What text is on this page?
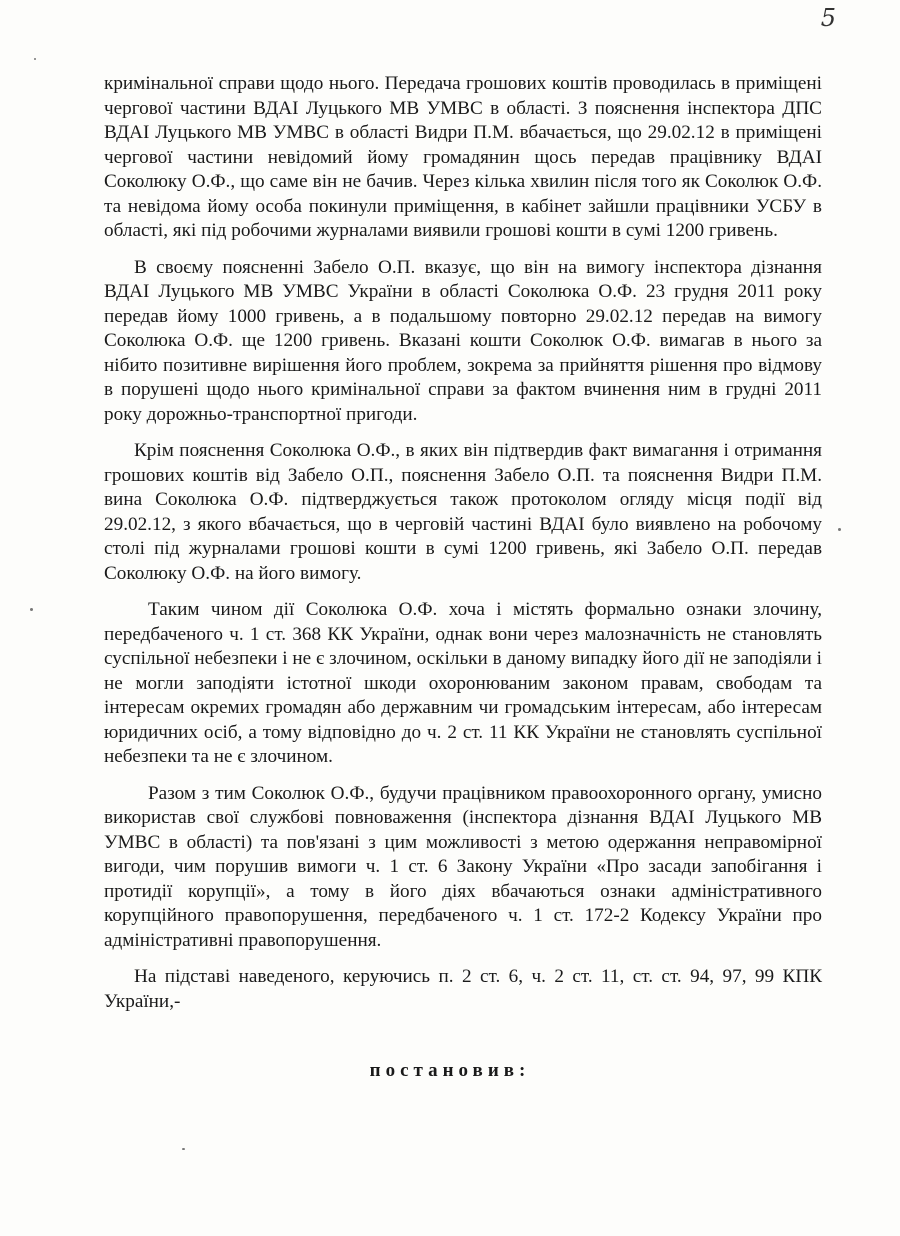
5

кримінальної справи щодо нього. Передача грошових коштів проводилась в приміщені чергової частини ВДАІ Луцького МВ УМВС в області. З пояснення інспектора ДПС ВДАІ Луцького МВ УМВС в області Видри П.М. вбачається, що 29.02.12 в приміщені чергової частини невідомий йому громадянин щось передав працівнику ВДАІ Соколюку О.Ф., що саме він не бачив. Через кілька хвилин після того як Соколюк О.Ф. та невідома йому особа покинули приміщення, в кабінет зайшли працівники УСБУ в області, які під робочими журналами виявили грошові кошти в сумі 1200 гривень.

В своєму поясненні Забело О.П. вказує, що він на вимогу інспектора дізнання ВДАІ Луцького МВ УМВС України в області Соколюка О.Ф. 23 грудня 2011 року передав йому 1000 гривень, а в подальшому повторно 29.02.12 передав на вимогу Соколюка О.Ф. ще 1200 гривень. Вказані кошти Соколюк О.Ф. вимагав в нього за нібито позитивне вирішення його проблем, зокрема за прийняття рішення про відмову в порушені щодо нього кримінальної справи за фактом вчинення ним в грудні 2011 року дорожньо-транспортної пригоди.

Крім пояснення Соколюка О.Ф., в яких він підтвердив факт вимагання і отримання грошових коштів від Забело О.П., пояснення Забело О.П. та пояснення Видри П.М. вина Соколюка О.Ф. підтверджується також протоколом огляду місця події від 29.02.12, з якого вбачається, що в черговій частині ВДАІ було виявлено на робочому столі під журналами грошові кошти в сумі 1200 гривень, які Забело О.П. передав Соколюку О.Ф. на його вимогу.

Таким чином дії Соколюка О.Ф. хоча і містять формально ознаки злочину, передбаченого ч. 1 ст. 368 КК України, однак вони через малозначність не становлять суспільної небезпеки і не є злочином, оскільки в даному випадку його дії не заподіяли і не могли заподіяти істотної шкоди охоронюваним законом правам, свободам та інтересам окремих громадян або державним чи громадським інтересам, або інтересам юридичних осіб, а тому відповідно до ч. 2 ст. 11 КК України не становлять суспільної небезпеки та не є злочином.

Разом з тим Соколюк О.Ф., будучи працівником правоохоронного органу, умисно використав свої службові повноваження (інспектора дізнання ВДАІ Луцького МВ УМВС в області) та пов'язані з цим можливості з метою одержання неправомірної вигоди, чим порушив вимоги ч. 1 ст. 6 Закону України «Про засади запобігання і протидії корупції», а тому в його діях вбачаються ознаки адміністративного корупційного правопорушення, передбаченого ч. 1 ст. 172-2 Кодексу України про адміністративні правопорушення.

На підставі наведеного, керуючись п. 2 ст. 6, ч. 2 ст. 11, ст. ст. 94, 97, 99 КПК України,-

постановив:
